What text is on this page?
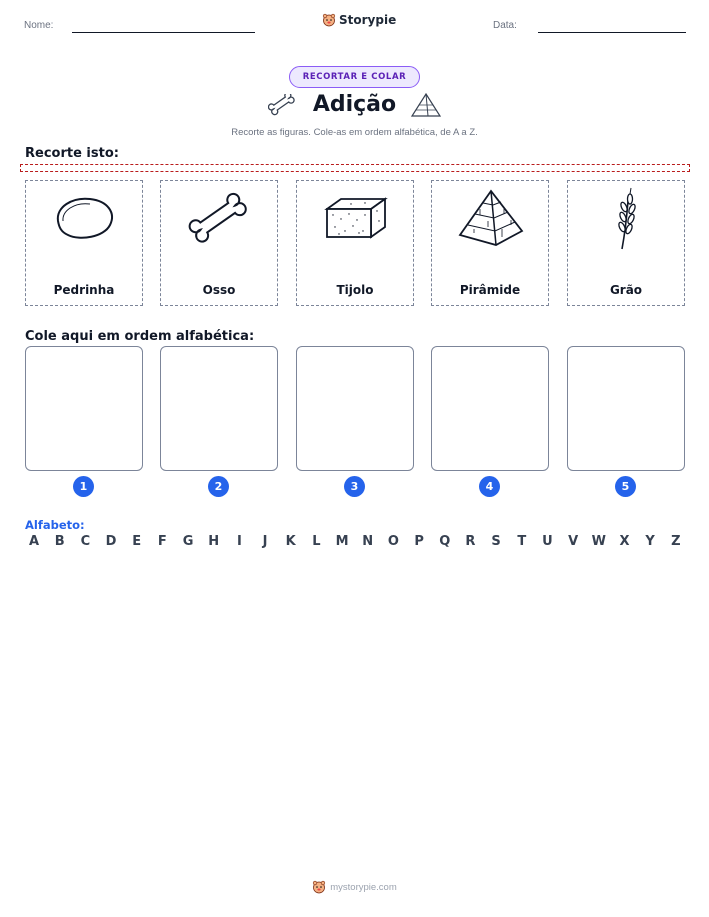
Nome:	Storypie	Data:
RECORTAR E COLAR
Adição
Recorte as figuras. Cole-as em ordem alfabética, de A a Z.
Recorte isto:
Pedrinha	Osso	Tijolo	Pirâmide	Grão
Cole aqui em ordem alfabética:
1	2	3	4	5
Alfabeto:
A	B	C	D	E	F	G H	I	J	K	L	M N O	P	Q	R	S	T	U	V	W	X	Y	Z
mystorypie.com
